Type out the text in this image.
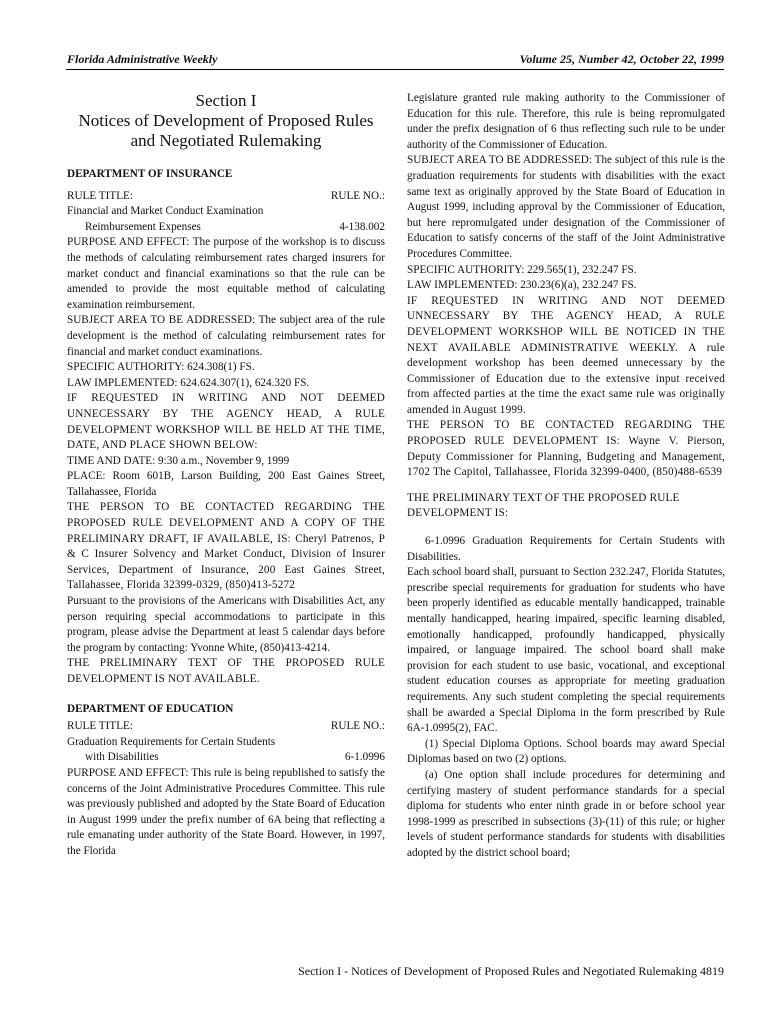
Florida Administrative Weekly	Volume 25, Number 42, October 22, 1999
Section I
Notices of Development of Proposed Rules
and Negotiated Rulemaking

DEPARTMENT OF INSURANCE

RULE TITLE:	RULE NO.:

Financial and Market Conduct Examination

Reimbursement Expenses	4-138.002

PURPOSE AND EFFECT: The purpose of the workshop is to discuss the methods of calculating reimbursement rates charged insurers for market conduct and financial examinations so that the rule can be amended to provide the most equitable method of calculating examination reimbursement.

SUBJECT AREA TO BE ADDRESSED: The subject area of the rule development is the method of calculating reimbursement rates for financial and market conduct examinations.

SPECIFIC AUTHORITY: 624.308(1) FS.

LAW IMPLEMENTED: 624.624.307(1), 624.320 FS.

IF REQUESTED IN WRITING AND NOT DEEMED UNNECESSARY BY THE AGENCY HEAD, A RULE DEVELOPMENT WORKSHOP WILL BE HELD AT THE TIME, DATE, AND PLACE SHOWN BELOW:

TIME AND DATE: 9:30 a.m., November 9, 1999

PLACE: Room 601B, Larson Building, 200 East Gaines Street, Tallahassee, Florida

THE PERSON TO BE CONTACTED REGARDING THE PROPOSED RULE DEVELOPMENT AND A COPY OF THE PRELIMINARY DRAFT, IF AVAILABLE, IS: Cheryl Patrenos, P & C Insurer Solvency and Market Conduct, Division of Insurer Services, Department of Insurance, 200 East Gaines Street, Tallahassee, Florida 32399-0329, (850)413-5272

Pursuant to the provisions of the Americans with Disabilities Act, any person requiring special accommodations to participate in this program, please advise the Department at least 5 calendar days before the program by contacting: Yvonne White, (850)413-4214.

THE PRELIMINARY TEXT OF THE PROPOSED RULE DEVELOPMENT IS NOT AVAILABLE.

DEPARTMENT OF EDUCATION

RULE TITLE:	RULE NO.:

Graduation Requirements for Certain Students

with Disabilities	6-1.0996

PURPOSE AND EFFECT: This rule is being republished to satisfy the concerns of the Joint Administrative Procedures Committee. This rule was previously published and adopted by the State Board of Education in August 1999 under the prefix number of 6A being that reflecting a rule emanating under authority of the State Board. However, in 1997, the Florida

Legislature granted rule making authority to the Commissioner of Education for this rule. Therefore, this rule is being repromulgated under the prefix designation of 6 thus reflecting such rule to be under authority of the Commissioner of Education.

SUBJECT AREA TO BE ADDRESSED: The subject of this rule is the graduation requirements for students with disabilities with the exact same text as originally approved by the State Board of Education in August 1999, including approval by the Commissioner of Education, but here repromulgated under designation of the Commissioner of Education to satisfy concerns of the staff of the Joint Administrative Procedures Committee.

SPECIFIC AUTHORITY: 229.565(1), 232.247 FS.

LAW IMPLEMENTED: 230.23(6)(a), 232.247 FS.

IF REQUESTED IN WRITING AND NOT DEEMED UNNECESSARY BY THE AGENCY HEAD, A RULE DEVELOPMENT WORKSHOP WILL BE NOTICED IN THE NEXT AVAILABLE ADMINISTRATIVE WEEKLY. A rule development workshop has been deemed unnecessary by the Commissioner of Education due to the extensive input received from affected parties at the time the exact same rule was originally amended in August 1999.

THE PERSON TO BE CONTACTED REGARDING THE PROPOSED RULE DEVELOPMENT IS: Wayne V. Pierson, Deputy Commissioner for Planning, Budgeting and Management, 1702 The Capitol, Tallahassee, Florida 32399-0400, (850)488-6539

THE PRELIMINARY TEXT OF THE PROPOSED RULE DEVELOPMENT IS:

6-1.0996 Graduation Requirements for Certain Students with Disabilities.

Each school board shall, pursuant to Section 232.247, Florida Statutes, prescribe special requirements for graduation for students who have been properly identified as educable mentally handicapped, trainable mentally handicapped, hearing impaired, specific learning disabled, emotionally handicapped, profoundly handicapped, physically impaired, or language impaired. The school board shall make provision for each student to use basic, vocational, and exceptional student education courses as appropriate for meeting graduation requirements. Any such student completing the special requirements shall be awarded a Special Diploma in the form prescribed by Rule 6A-1.0995(2), FAC.

(1) Special Diploma Options. School boards may award Special Diplomas based on two (2) options.

(a) One option shall include procedures for determining and certifying mastery of student performance standards for a special diploma for students who enter ninth grade in or before school year 1998-1999 as prescribed in subsections (3)-(11) of this rule; or higher levels of student performance standards for students with disabilities adopted by the district school board;

Section I - Notices of Development of Proposed Rules and Negotiated Rulemaking 4819
